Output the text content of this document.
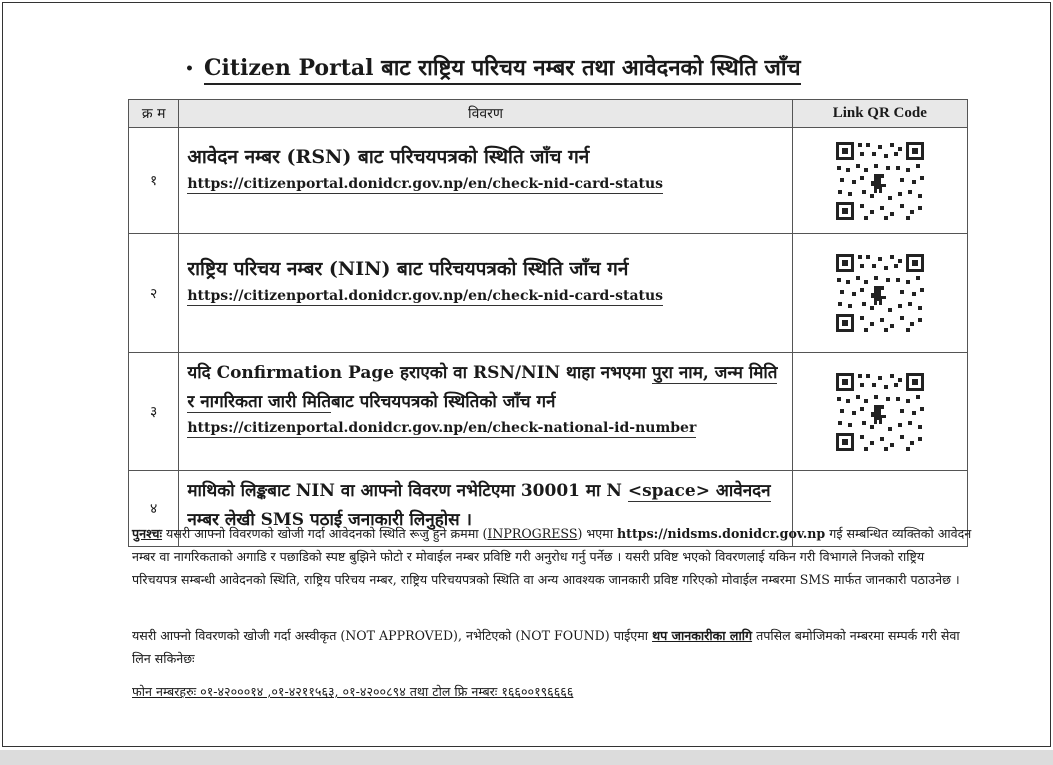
• Citizen Portal बाट राष्ट्रिय परिचय नम्बर तथा आवेदनको स्थिति जाँच
क्र म	विवरण	Link QR Code
१	आवेदन नम्बर (RSN) बाट परिचयपत्रको स्थिति जाँच गर्न
https://citizenportal.donidcr.gov.np/en/check-nid-card-status	
२	राष्ट्रिय परिचय नम्बर (NIN) बाट परिचयपत्रको स्थिति जाँच गर्न
https://citizenportal.donidcr.gov.np/en/check-nid-card-status	
३	यदि Confirmation Page हराएको वा RSN/NIN थाहा नभएमा पुरा नाम, जन्म मिति र नागरिकता जारी मितिबाट परिचयपत्रको स्थितिको जाँच गर्न
https://citizenportal.donidcr.gov.np/en/check-national-id-number	
४	माथिको लिङ्कबाट NIN वा आफ्नो विवरण नभेटिएमा 30001 मा N <space> आवेनदन नम्बर लेखी SMS पठाई जनाकारी लिनुहोस ।	

पुनश्चः यसरी आफ्नो विवरणको खोजी गर्दा आवेदनको स्थिति रूजु हुने क्रममा (INPROGRESS) भएमा https://nidsms.donidcr.gov.np गई सम्बन्धित व्यक्तिको आवेदन नम्बर वा नागरिकताको अगाडि र पछाडिको स्पष्ट बुझिने फोटो र मोवाईल नम्बर प्रविष्टि गरी अनुरोध गर्नु पर्नेछ । यसरी प्रविष्ट भएको विवरणलाई यकिन गरी विभागले निजको राष्ट्रिय परिचयपत्र सम्बन्धी आवेदनको स्थिति, राष्ट्रिय परिचय नम्बर, राष्ट्रिय परिचयपत्रको स्थिति वा अन्य आवश्यक जानकारी प्रविष्ट गरिएको मोवाईल नम्बरमा SMS मार्फत जानकारी पठाउनेछ ।
यसरी आफ्नो विवरणको खोजी गर्दा अस्वीकृत (NOT APPROVED), नभेटिएको (NOT FOUND) पाईएमा थप जानकारीका लागि तपसिल बमोजिमको नम्बरमा सम्पर्क गरी सेवा लिन सकिनेछः
फोन नम्बरहरुः ०१-४२०००१४ ,०१-४२११५६३, ०१-४२००८९४ तथा टोल फ्रि नम्बरः १६६००१९६६६६
